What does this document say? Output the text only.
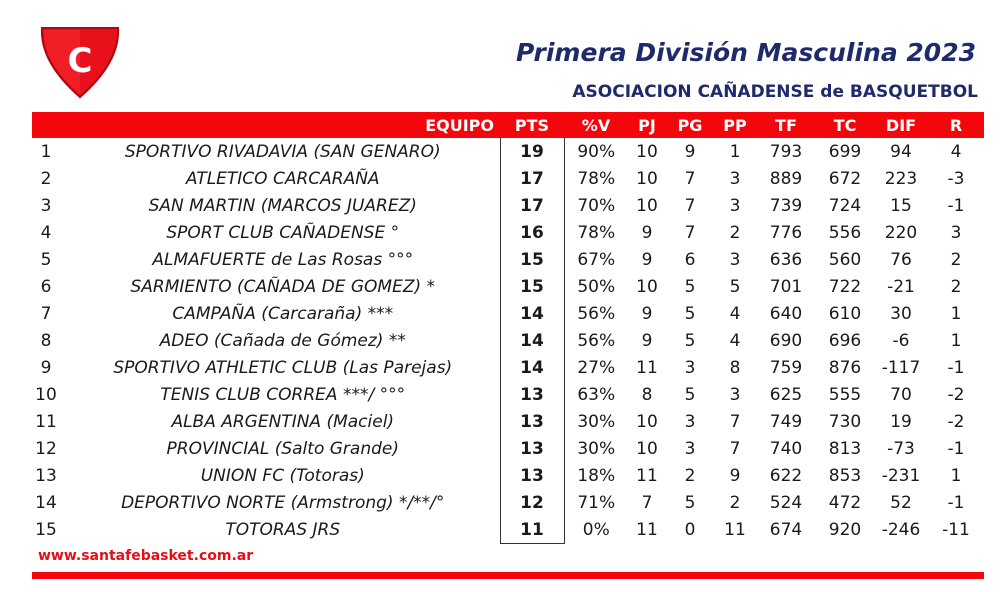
C	Primera División Masculina 2023
ASOCIACION CAÑADENSE de BASQUETBOL
EQUIPO		PTS	%V	PJ	PG	PP	TF	TC	DIF	R
1	SPORTIVO RIVADAVIA (SAN GENARO)	19	90%	10	9	1	793	699	94	4
2	ATLETICO CARCARAÑA	17	78%	10	7	3	889	672	223	-3
3	SAN MARTIN (MARCOS JUAREZ)	17	70%	10	7	3	739	724	15	-1
4	SPORT CLUB CAÑADENSE °	16	78%	9	7	2	776	556	220	3
5	ALMAFUERTE de Las Rosas °°°	15	67%	9	6	3	636	560	76	2
6	SARMIENTO (CAÑADA DE GOMEZ) *	15	50%	10	5	5	701	722	-21	2
7	CAMPAÑA (Carcaraña) ***	14	56%	9	5	4	640	610	30	1
8	ADEO (Cañada de Gómez) **	14	56%	9	5	4	690	696	-6	1
9	SPORTIVO ATHLETIC CLUB (Las Parejas)	14	27%	11	3	8	759	876	-117	-1
10	TENIS CLUB CORREA ***/ °°°	13	63%	8	5	3	625	555	70	-2
11	ALBA ARGENTINA (Maciel)	13	30%	10	3	7	749	730	19	-2
12	PROVINCIAL (Salto Grande)	13	30%	10	3	7	740	813	-73	-1
13	UNION FC (Totoras)	13	18%	11	2	9	622	853	-231	1
14	DEPORTIVO NORTE (Armstrong) */**/°	12	71%	7	5	2	524	472	52	-1
15	TOTORAS JRS	11	0%	11	0	11	674	920	-246	-11
www.santafebasket.com.ar
